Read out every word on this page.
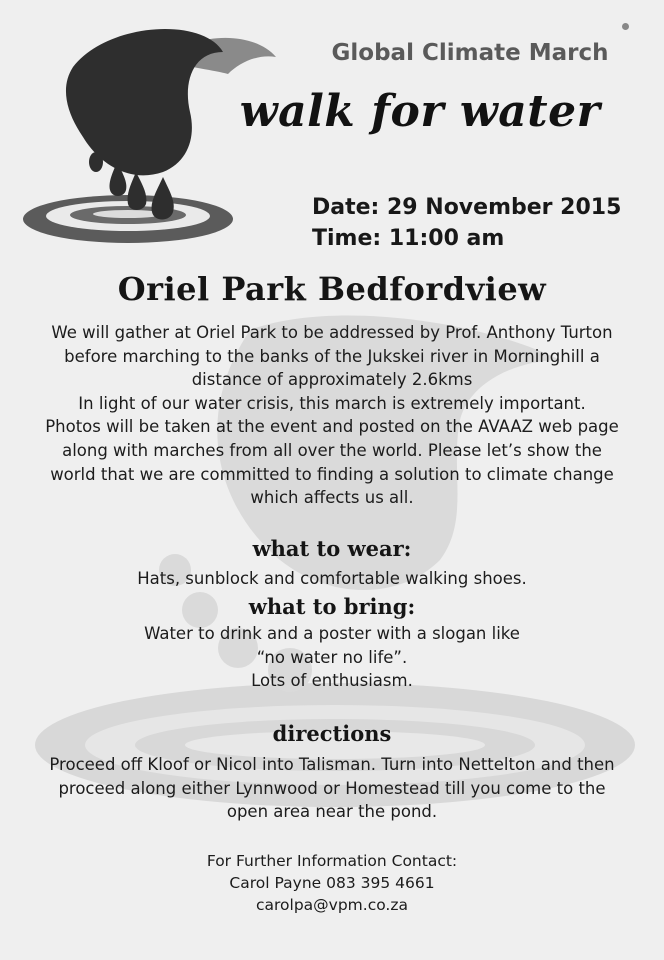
Global Climate March
walk for water

Date: 29 November 2015

Time: 11:00 am

Oriel Park Bedfordview

We will gather at Oriel Park to be addressed by Prof. Anthony Turton
before marching to the banks of the Jukskei river in Morninghill a
distance of approximately 2.6kms
In light of our water crisis, this march is extremely important.
Photos will be taken at the event and posted on the AVAAZ web page
along with marches from all over the world. Please let’s show the
world that we are committed to finding a solution to climate change
which affects us all.

what to wear:

Hats, sunblock and comfortable walking shoes.

what to bring:

Water to drink and a poster with a slogan like
“no water no life”.
Lots of enthusiasm.

directions

Proceed off Kloof or Nicol into Talisman. Turn into Nettelton and then
proceed along either Lynnwood or Homestead till you come to the
open area near the pond.

For Further Information Contact:
Carol Payne 083 395 4661
carolpa@vpm.co.za
